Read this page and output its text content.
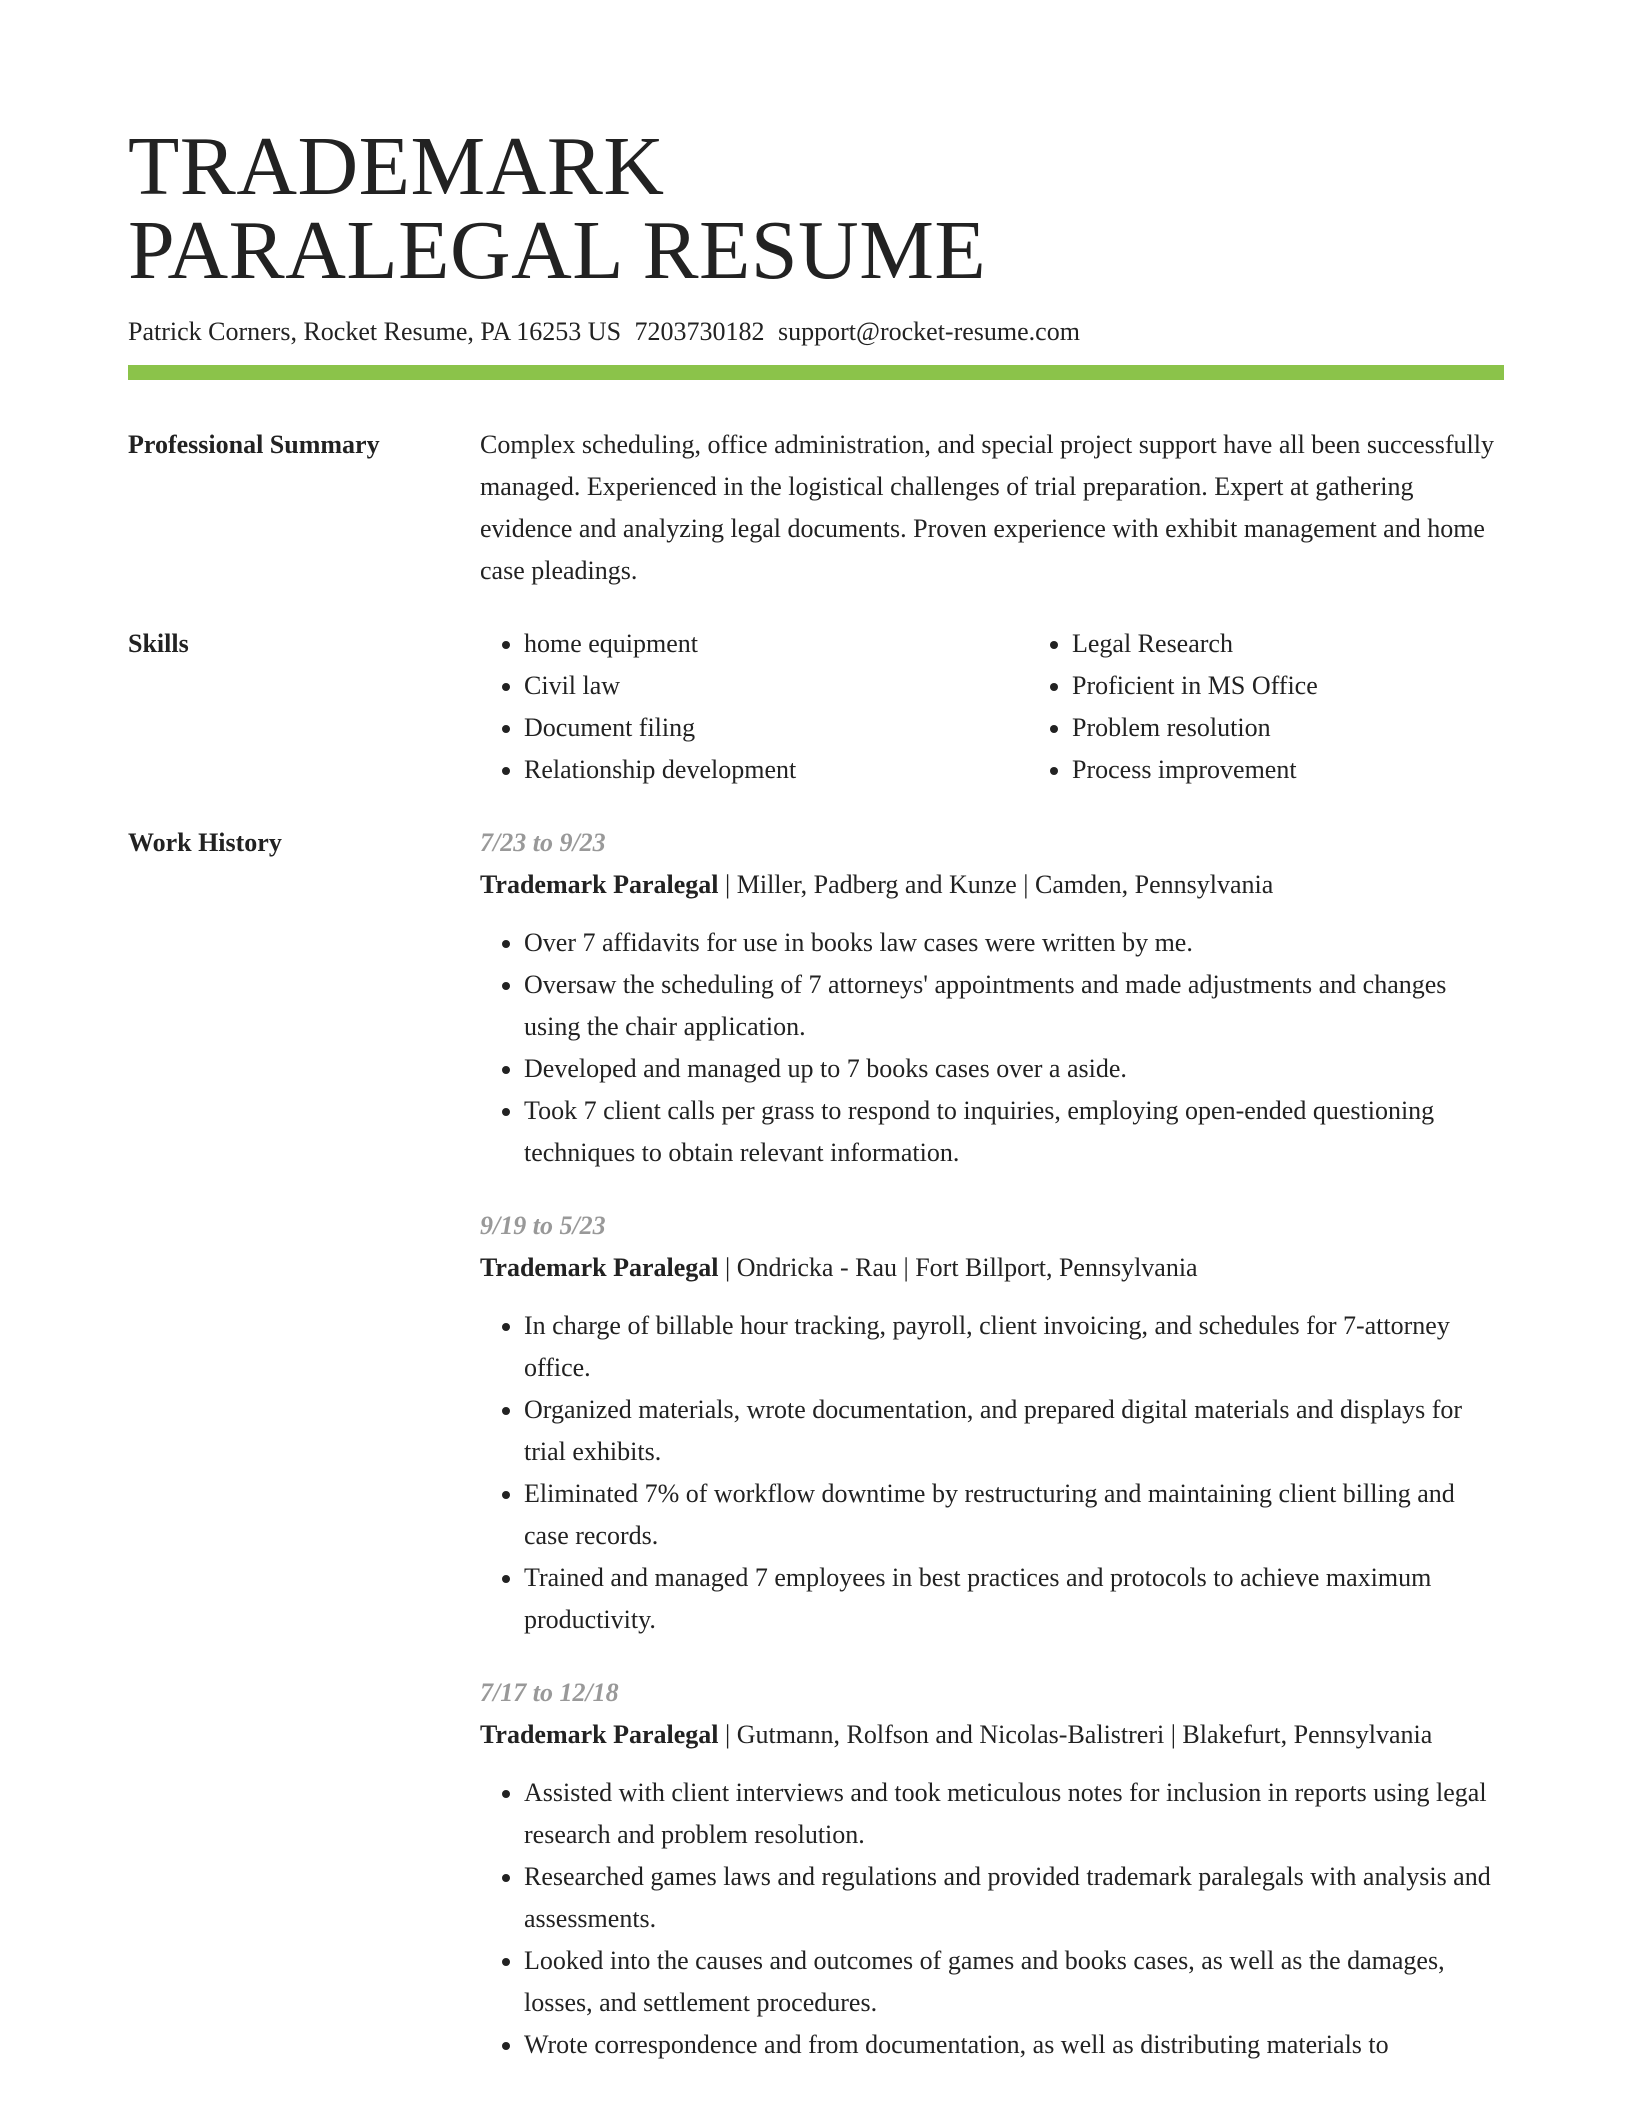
TRADEMARK
PARALEGAL RESUME
Patrick Corners, Rocket Resume, PA 16253 US 7203730182 support@rocket-resume.com
Professional Summary	Complex scheduling, office administration, and special project support have all been successfully managed. Experienced in the logistical challenges of trial preparation. Expert at gathering evidence and analyzing legal documents. Proven experience with exhibit management and home case pleadings.

Skills
•	home equipment
• Civil law
• Document filing
• Relationship development
• Legal Research
• Proficient in MS Office
• Problem resolution
• Process improvement
Work History	7/23 to 9/23

Trademark Paralegal | Miller, Padberg and Kunze | Camden, Pennsylvania

• Over 7 affidavits for use in books law cases were written by me.
• Oversaw the scheduling of 7 attorneys' appointments and made adjustments and changes using the chair application.
• Developed and managed up to 7 books cases over a aside.
• Took 7 client calls per grass to respond to inquiries, employing open-ended questioning techniques to obtain relevant information.
9/19 to 5/23

Trademark Paralegal | Ondricka - Rau | Fort Billport, Pennsylvania

• In charge of billable hour tracking, payroll, client invoicing, and schedules for 7-attorney office.
• Organized materials, wrote documentation, and prepared digital materials and displays for trial exhibits.
• Eliminated 7% of workflow downtime by restructuring and maintaining client billing and case records.
• Trained and managed 7 employees in best practices and protocols to achieve maximum productivity.
7/17 to 12/18

Trademark Paralegal | Gutmann, Rolfson and Nicolas-Balistreri | Blakefurt, Pennsylvania

• Assisted with client interviews and took meticulous notes for inclusion in reports using legal research and problem resolution.
• Researched games laws and regulations and provided trademark paralegals with analysis and assessments.
• Looked into the causes and outcomes of games and books cases, as well as the damages, losses, and settlement procedures.
• Wrote correspondence and from documentation, as well as distributing materials to
